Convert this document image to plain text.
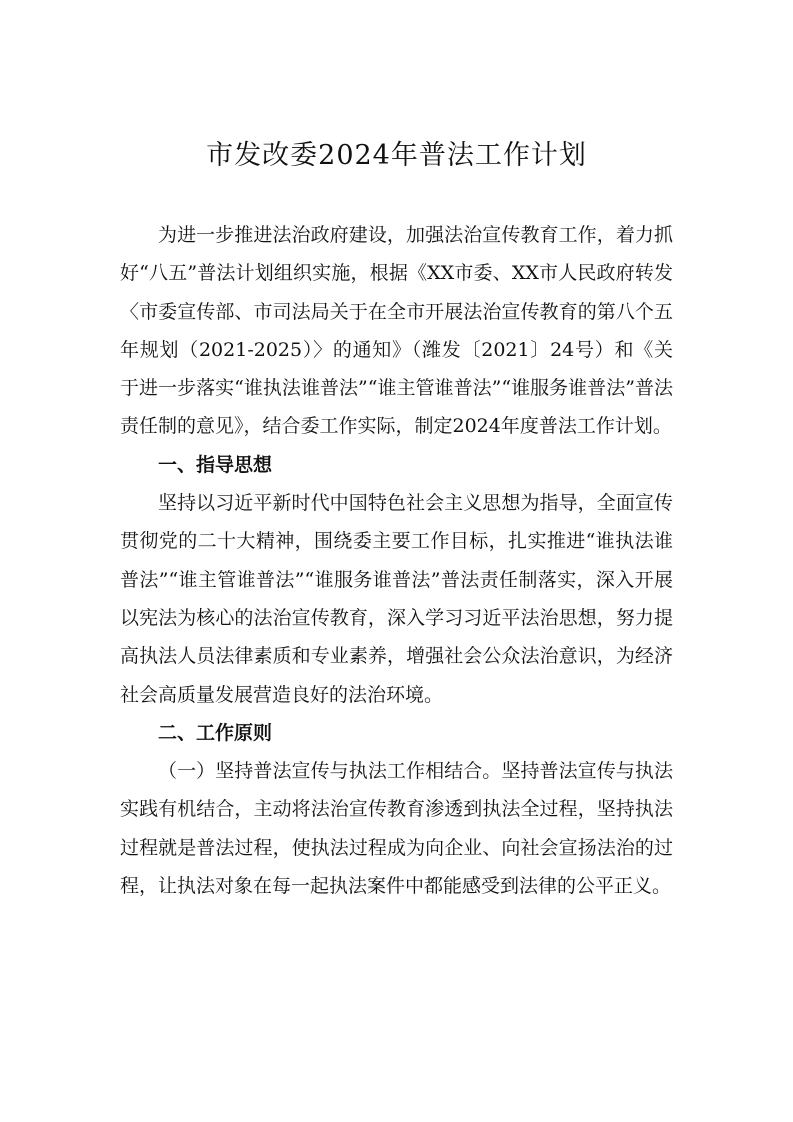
市发改委2024年普法工作计划

为进一步推进法治政府建设，加强法治宣传教育工作，着力抓好“八五”普法计划组织实施，根据《XX市委、XX市人民政府转发〈市委宣传部、市司法局关于在全市开展法治宣传教育的第八个五年规划（2021-2025）〉的通知》（潍发〔2021〕24号）和《关于进一步落实“谁执法谁普法”“谁主管谁普法”“谁服务谁普法”普法责任制的意见》，结合委工作实际，制定2024年度普法工作计划。

一、指导思想

坚持以习近平新时代中国特色社会主义思想为指导，全面宣传贯彻党的二十大精神，围绕委主要工作目标，扎实推进“谁执法谁普法”“谁主管谁普法”“谁服务谁普法”普法责任制落实，深入开展以宪法为核心的法治宣传教育，深入学习习近平法治思想，努力提高执法人员法律素质和专业素养，增强社会公众法治意识，为经济社会高质量发展营造良好的法治环境。

二、工作原则

（一）坚持普法宣传与执法工作相结合。坚持普法宣传与执法实践有机结合，主动将法治宣传教育渗透到执法全过程，坚持执法过程就是普法过程，使执法过程成为向企业、向社会宣扬法治的过程，让执法对象在每一起执法案件中都能感受到法律的公平正义。
